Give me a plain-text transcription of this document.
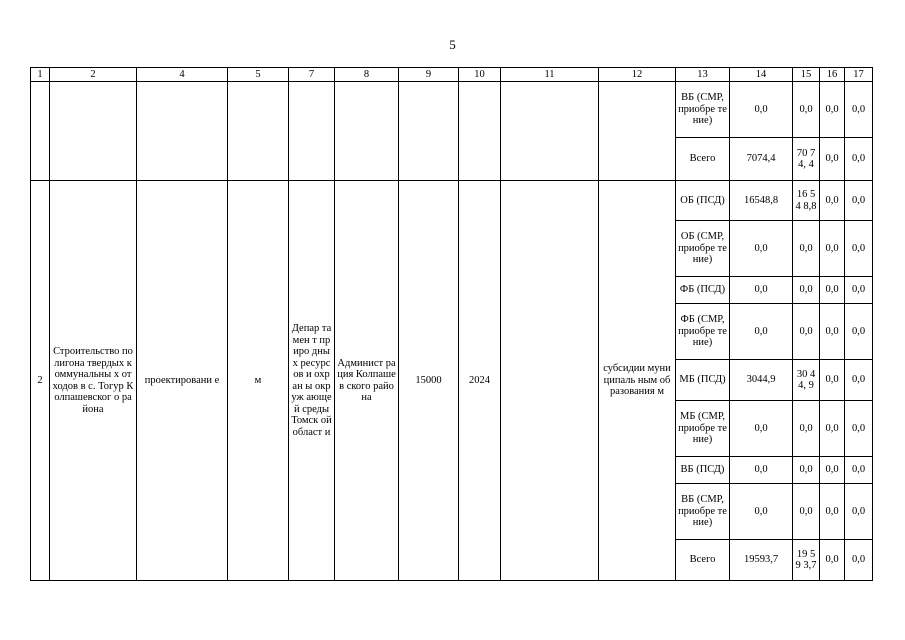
5
1	2	4	5	7	8	9	10	11	12	13	14	15	16	17
										ВБ (СМР, приобре тение)	0,0	0,0	0,0	0,0
										Всего	7074,4	70 74, 4	0,0	0,0
2	Строительство полигона твердых коммунальны х отходов в с. Тогур Колпашевског о района	проектировани е	м	Депар тамен т приро дных ресурс ов и охран ы окруж ающе й среды Томск ой област и	Админист рация Колпашев ского района	15000	2024		субсидии муниципаль ным образования м	ОБ (ПСД)	16548,8	16 54 8,8	0,0	0,0
										ОБ (СМР, приобре тение)	0,0	0,0	0,0	0,0
										ФБ (ПСД)	0,0	0,0	0,0	0,0
										ФБ (СМР, приобре тение)	0,0	0,0	0,0	0,0
										МБ (ПСД)	3044,9	30 44, 9	0,0	0,0
										МБ (СМР, приобре тение)	0,0	0,0	0,0	0,0
										ВБ (ПСД)	0,0	0,0	0,0	0,0
										ВБ (СМР, приобре тение)	0,0	0,0	0,0	0,0
										Всего	19593,7	19 59 3,7	0,0	0,0
